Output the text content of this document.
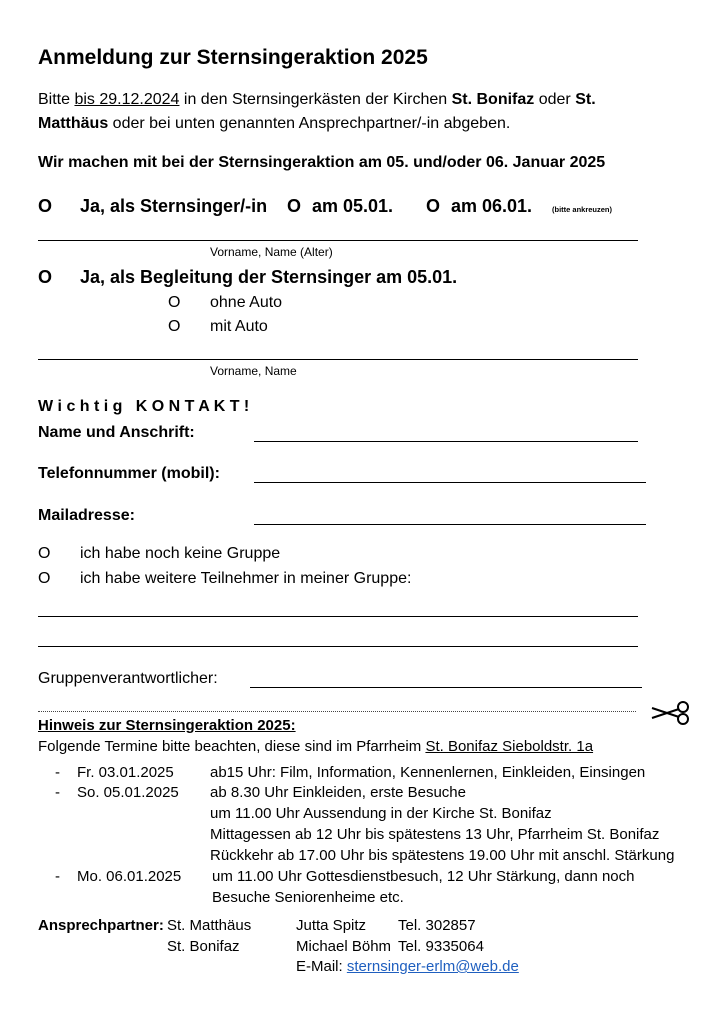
Anmeldung zur Sternsingeraktion 2025
Bitte bis 29.12.2024 in den Sternsingerkästen der Kirchen St. Bonifaz oder St.
Matthäus oder bei unten genannten Ansprechpartner/-in abgeben.
Wir machen mit bei der Sternsingeraktion am 05. und/oder 06. Januar 2025
O Ja, als Sternsinger/-in O am 05.01. O am 06.01.	(bitte ankreuzen)
Vorname, Name (Alter)
O Ja, als Begleitung der Sternsinger am 05.01.
O ohne Auto
O mit Auto
Vorname, Name
W i c h t i g   K O N T A K T !
Name und Anschrift:
Telefonnummer (mobil):
Mailadresse:
O ich habe noch keine Gruppe
O ich habe weitere Teilnehmer in meiner Gruppe:
Gruppenverantwortlicher:
Hinweis zur Sternsingeraktion 2025:
Folgende Termine bitte beachten, diese sind im Pfarrheim St. Bonifaz Sieboldstr. 1a
- Fr. 03.01.2025 ab15 Uhr: Film, Information, Kennenlernen, Einkleiden, Einsingen
- So. 05.01.2025 ab 8.30 Uhr Einkleiden, erste Besuche
um 11.00 Uhr Aussendung in der Kirche St. Bonifaz
Mittagessen ab 12 Uhr bis spätestens 13 Uhr, Pfarrheim St. Bonifaz
Rückkehr ab 17.00 Uhr bis spätestens 19.00 Uhr mit anschl. Stärkung
- Mo. 06.01.2025 um 11.00 Uhr Gottesdienstbesuch, 12 Uhr Stärkung, dann noch
Besuche Seniorenheime etc.
Ansprechpartner: St. Matthäus	Jutta Spitz Tel. 302857
St. Bonifaz	Michael Böhm Tel. 9335064
E-Mail: sternsinger-erlm@web.de
